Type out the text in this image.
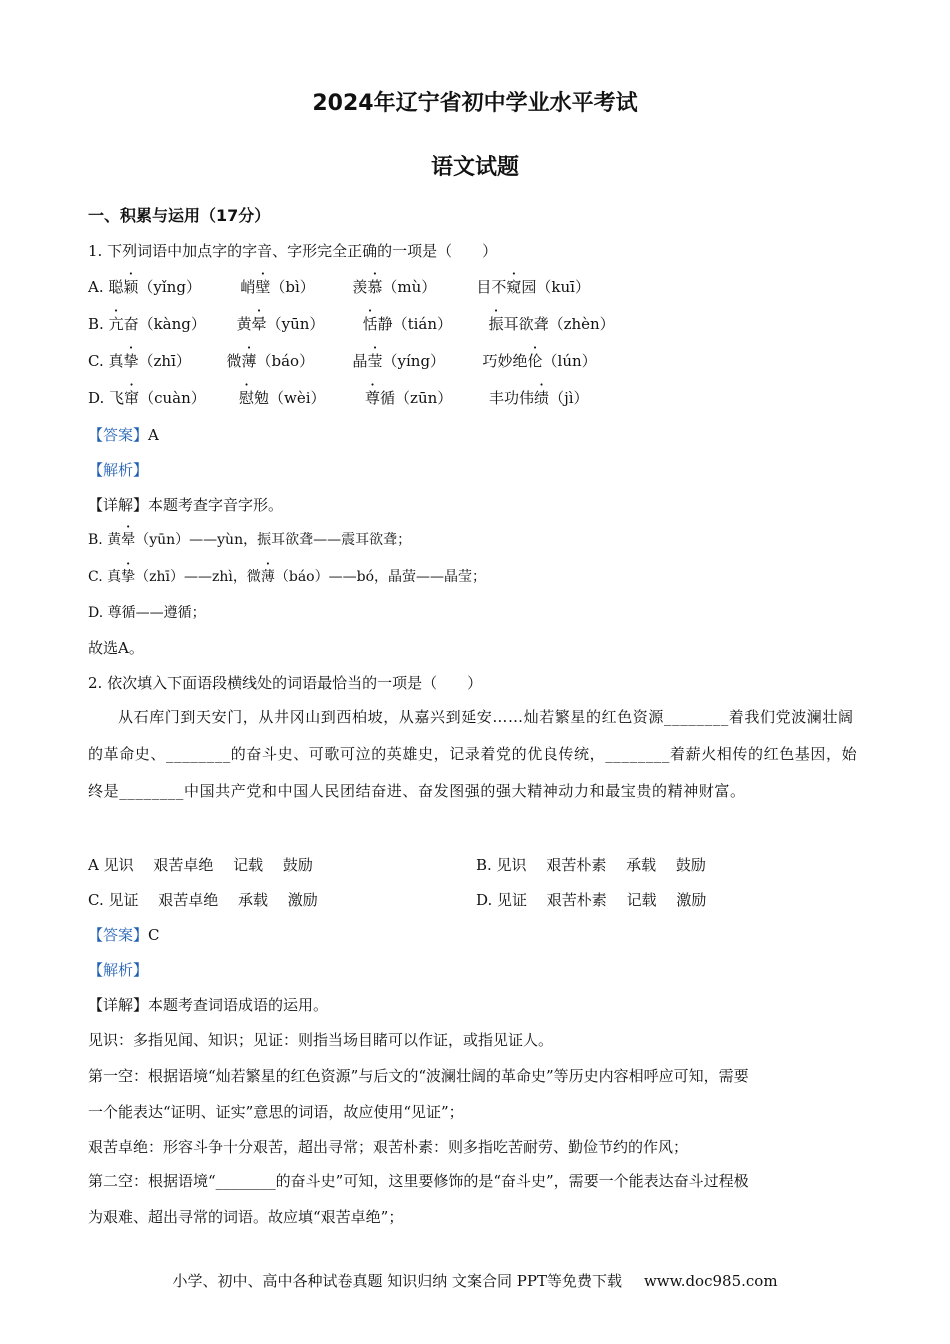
2024年辽宁省初中学业水平考试
语文试题
一、积累与运用（17分）
1. 下列词语中加点字的字音、字形完全正确的一项是（　　）
A. 聪颖（yǐng）	峭壁（bì）	羡慕（mù）	目不窥园（kuī）
B. 亢奋（kàng） 黄晕（yūn）	恬静（tián） 振耳欲聋（zhèn）
C. 真挚（zhī） 微薄（báo）	晶莹（yíng） 巧妙绝伦（lún）
D. 飞窜（cuàn） 慰勉（wèi）	尊循（zūn） 丰功伟绩（jì）
【答案】A
【解析】
【详解】本题考查字音字形。
B. 黄晕（yūn）——yùn，振耳欲聋——震耳欲聋；
C. 真挚（zhī）——zhì，微薄（báo）——bó，晶萤——晶莹；
D. 尊循——遵循；
故选A。
2. 依次填入下面语段横线处的词语最恰当的一项是（　　）

从石库门到天安门，从井冈山到西柏坡，从嘉兴到延安……灿若繁星的红色资源________着我们党波澜壮阔的革命史、________的奋斗史、可歌可泣的英雄史，记录着党的优良传统，________着薪火相传的红色基因，始终是________中国共产党和中国人民团结奋进、奋发图强的强大精神动力和最宝贵的精神财富。

A 见识　 艰苦卓绝　 记载　 鼓励	B. 见识　 艰苦朴素　 承载　 鼓励
C. 见证　 艰苦卓绝　 承载　 激励	D. 见证　 艰苦朴素　 记载　 激励
【答案】C
【解析】
【详解】本题考查词语成语的运用。
见识：多指见闻、知识；见证：则指当场目睹可以作证，或指见证人。
第一空：根据语境“灿若繁星的红色资源”与后文的“波澜壮阔的革命史”等历史内容相呼应可知，需要
一个能表达“证明、证实”意思的词语，故应使用“见证”；
艰苦卓绝：形容斗争十分艰苦，超出寻常；艰苦朴素：则多指吃苦耐劳、勤俭节约的作风；
第二空：根据语境“________的奋斗史”可知，这里要修饰的是“奋斗史”，需要一个能表达奋斗过程极
为艰难、超出寻常的词语。故应填“艰苦卓绝”；
小学、初中、高中各种试卷真题 知识归纳 文案合同 PPT等免费下载 www.doc985.com
